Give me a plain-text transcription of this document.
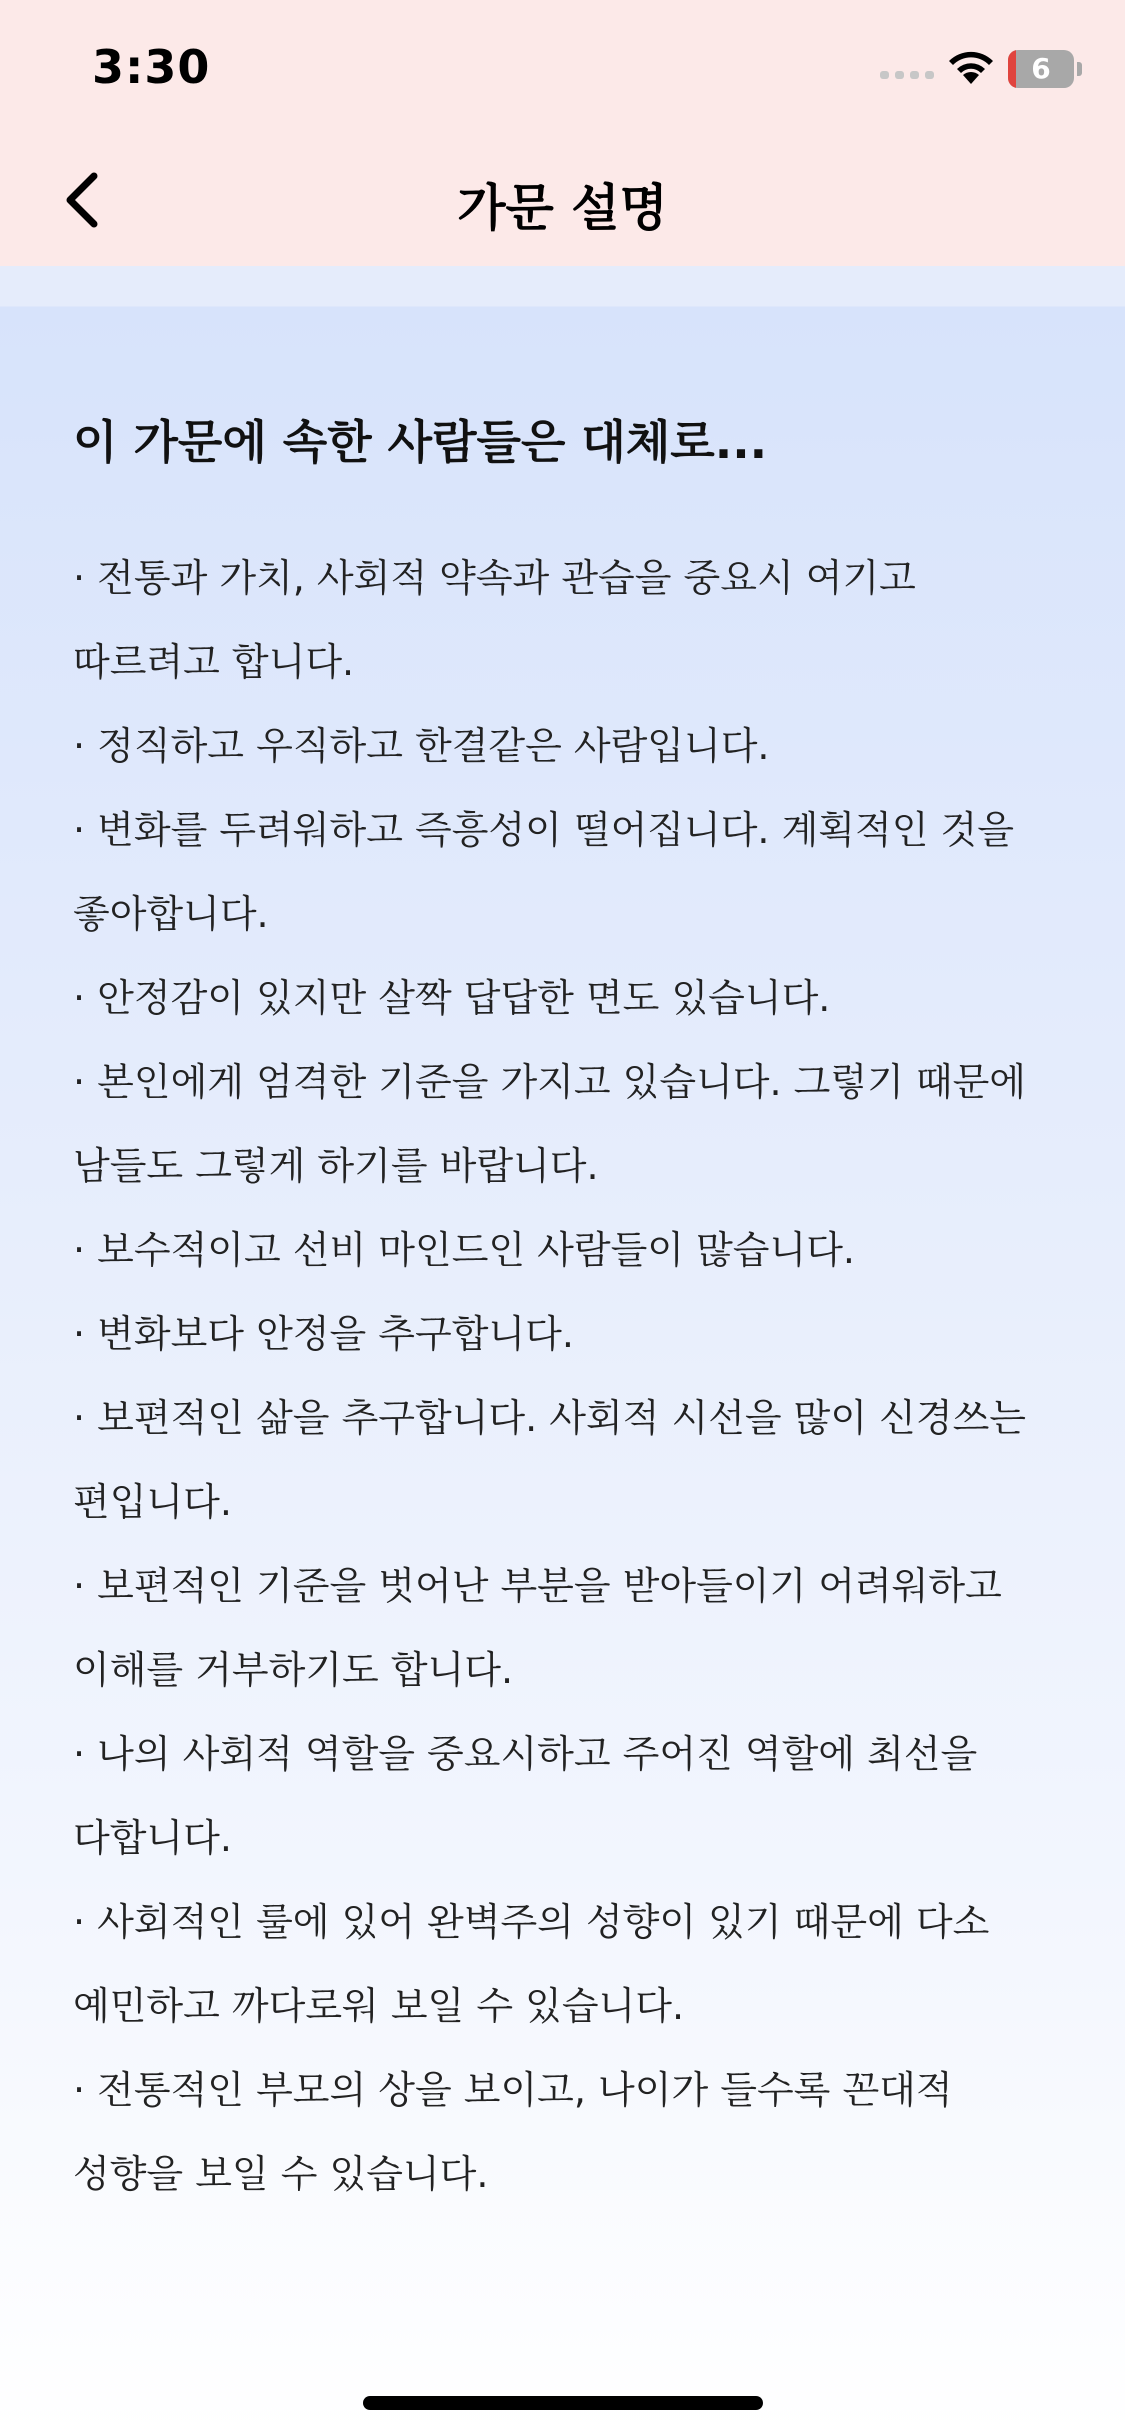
3:30	6
가문 설명
이 가문에 속한 사람들은 대체로...
· 전통과 가치, 사회적 약속과 관습을 중요시 여기고 따르려고 합니다.
· 정직하고 우직하고 한결같은 사람입니다.
· 변화를 두려워하고 즉흥성이 떨어집니다. 계획적인 것을 좋아합니다.
· 안정감이 있지만 살짝 답답한 면도 있습니다.
· 본인에게 엄격한 기준을 가지고 있습니다. 그렇기 때문에 남들도 그렇게 하기를 바랍니다.
· 보수적이고 선비 마인드인 사람들이 많습니다.
· 변화보다 안정을 추구합니다.
· 보편적인 삶을 추구합니다. 사회적 시선을 많이 신경쓰는 편입니다.
· 보편적인 기준을 벗어난 부분을 받아들이기 어려워하고 이해를 거부하기도 합니다.
· 나의 사회적 역할을 중요시하고 주어진 역할에 최선을 다합니다.
· 사회적인 룰에 있어 완벽주의 성향이 있기 때문에 다소 예민하고 까다로워 보일 수 있습니다.
· 전통적인 부모의 상을 보이고, 나이가 들수록 꼰대적 성향을 보일 수 있습니다.
